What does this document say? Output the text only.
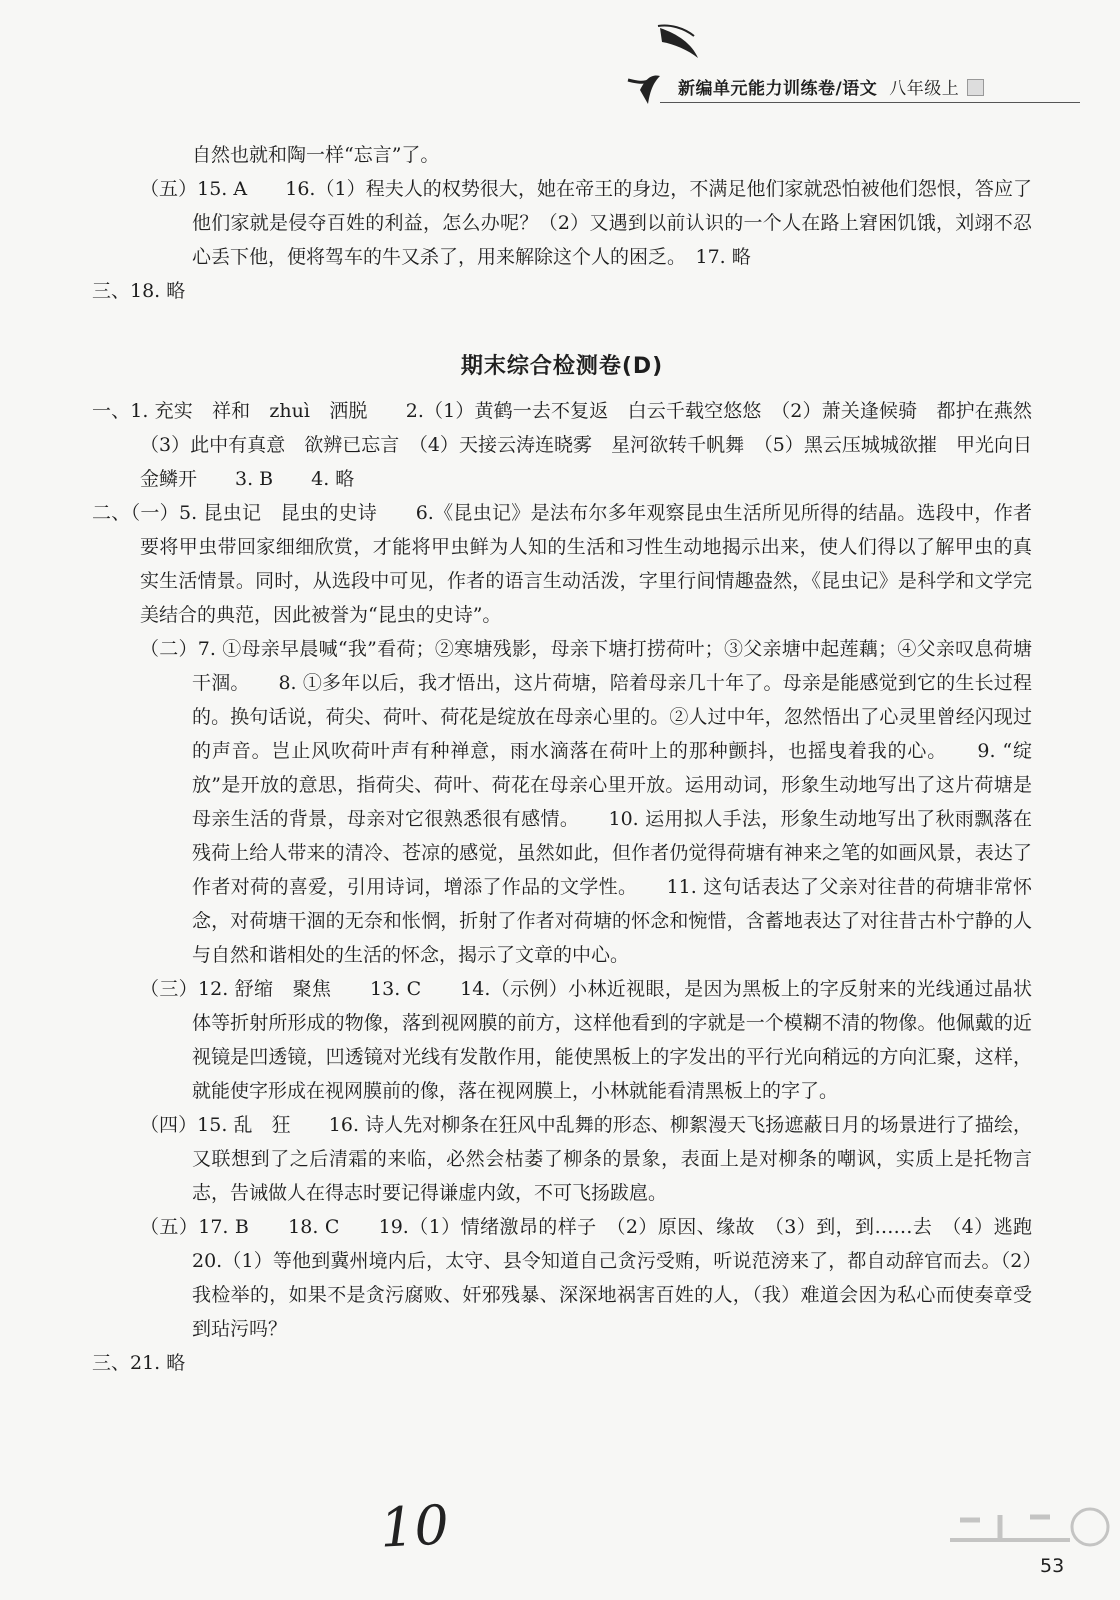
新编单元能力训练卷/语文 八年级上

自然也就和陶一样“忘言”了。

（五）15. A　　16.（1）程夫人的权势很大，她在帝王的身边，不满足他们家就恐怕被他们怨恨，答应了他们家就是侵夺百姓的利益，怎么办呢？（2）又遇到以前认识的一个人在路上窘困饥饿，刘翊不忍心丢下他，便将驾车的牛又杀了，用来解除这个人的困乏。　17. 略

三、18. 略

期末综合检测卷(D)

一、1. 充实　祥和　zhuì　洒脱　　2.（1）黄鹤一去不复返　白云千载空悠悠　（2）萧关逢候骑　都护在燕然　（3）此中有真意　欲辨已忘言　（4）天接云涛连晓雾　星河欲转千帆舞　（5）黑云压城城欲摧　甲光向日金鳞开　　3. B　　4. 略

二、（一）5. 昆虫记　昆虫的史诗　　6.《昆虫记》是法布尔多年观察昆虫生活所见所得的结晶。选段中，作者要将甲虫带回家细细欣赏，才能将甲虫鲜为人知的生活和习性生动地揭示出来，使人们得以了解甲虫的真实生活情景。同时，从选段中可见，作者的语言生动活泼，字里行间情趣盎然，《昆虫记》是科学和文学完美结合的典范，因此被誉为“昆虫的史诗”。

（二）7. ①母亲早晨喊“我”看荷；②寒塘残影，母亲下塘打捞荷叶；③父亲塘中起莲藕；④父亲叹息荷塘干涸。　　8. ①多年以后，我才悟出，这片荷塘，陪着母亲几十年了。母亲是能感觉到它的生长过程的。换句话说，荷尖、荷叶、荷花是绽放在母亲心里的。②人过中年，忽然悟出了心灵里曾经闪现过的声音。岂止风吹荷叶声有种禅意，雨水滴落在荷叶上的那种颤抖，也摇曳着我的心。　　9. “绽放”是开放的意思，指荷尖、荷叶、荷花在母亲心里开放。运用动词，形象生动地写出了这片荷塘是母亲生活的背景，母亲对它很熟悉很有感情。　　10. 运用拟人手法，形象生动地写出了秋雨飘落在残荷上给人带来的清冷、苍凉的感觉，虽然如此，但作者仍觉得荷塘有神来之笔的如画风景，表达了作者对荷的喜爱，引用诗词，增添了作品的文学性。　　11. 这句话表达了父亲对往昔的荷塘非常怀念，对荷塘干涸的无奈和怅惘，折射了作者对荷塘的怀念和惋惜，含蓄地表达了对往昔古朴宁静的人与自然和谐相处的生活的怀念，揭示了文章的中心。

（三）12. 舒缩　聚焦　　13. C　　14.（示例）小林近视眼，是因为黑板上的字反射来的光线通过晶状体等折射所形成的物像，落到视网膜的前方，这样他看到的字就是一个模糊不清的物像。他佩戴的近视镜是凹透镜，凹透镜对光线有发散作用，能使黑板上的字发出的平行光向稍远的方向汇聚，这样，就能使字形成在视网膜前的像，落在视网膜上，小林就能看清黑板上的字了。

（四）15. 乱　狂　　16. 诗人先对柳条在狂风中乱舞的形态、柳絮漫天飞扬遮蔽日月的场景进行了描绘，又联想到了之后清霜的来临，必然会枯萎了柳条的景象，表面上是对柳条的嘲讽，实质上是托物言志，告诫做人在得志时要记得谦虚内敛，不可飞扬跋扈。

（五）17. B　　18. C　　19.（1）情绪激昂的样子　（2）原因、缘故　（3）到，到……去　（4）逃跑　　20.（1）等他到冀州境内后，太守、县令知道自己贪污受贿，听说范滂来了，都自动辞官而去。（2）我检举的，如果不是贪污腐败、奸邪残暴、深深地祸害百姓的人，（我）难道会因为私心而使奏章受到玷污吗？

三、21. 略

10
53
